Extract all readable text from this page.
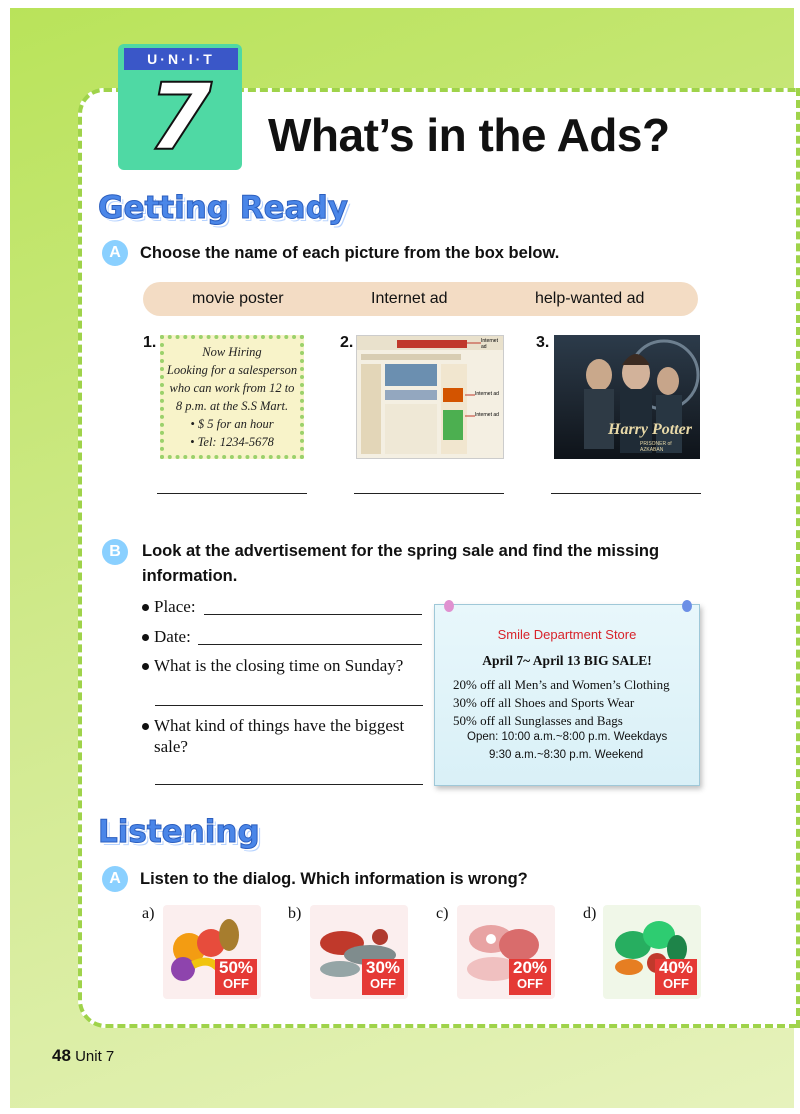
U·N·I·T
7	What’s in the Ads?
Getting Ready
A	Choose the name of each picture from the box below.
movie poster	Internet ad	help-wanted ad
1.	2.	3.
Now Hiring
Looking for a salesperson
who can work from 12 to
8 p.m. at the S.S Mart.
• $ 5 for an hour
• Tel: 1234-5678
Internet ad
Internet ad
Internet ad
Harry Potter
PRISONER of AZKABAN
B	Look at the advertisement for the spring sale and find the missing
information.
Place:
Date:
What is the closing time on Sunday?
What kind of things have the biggest
sale?
Smile Department Store
April 7~ April 13 BIG SALE!
20% off all Men’s and Women’s Clothing
30% off all Shoes and Sports Wear
50% off all Sunglasses and Bags
Open: 10:00 a.m.~8:00 p.m. Weekdays
9:30 a.m.~8:30 p.m. Weekend
Listening
A	Listen to the dialog. Which information is wrong?
a)
50%
OFF
b)
30%
OFF
c)
20%
OFF
d)
40%
OFF
48 Unit 7
